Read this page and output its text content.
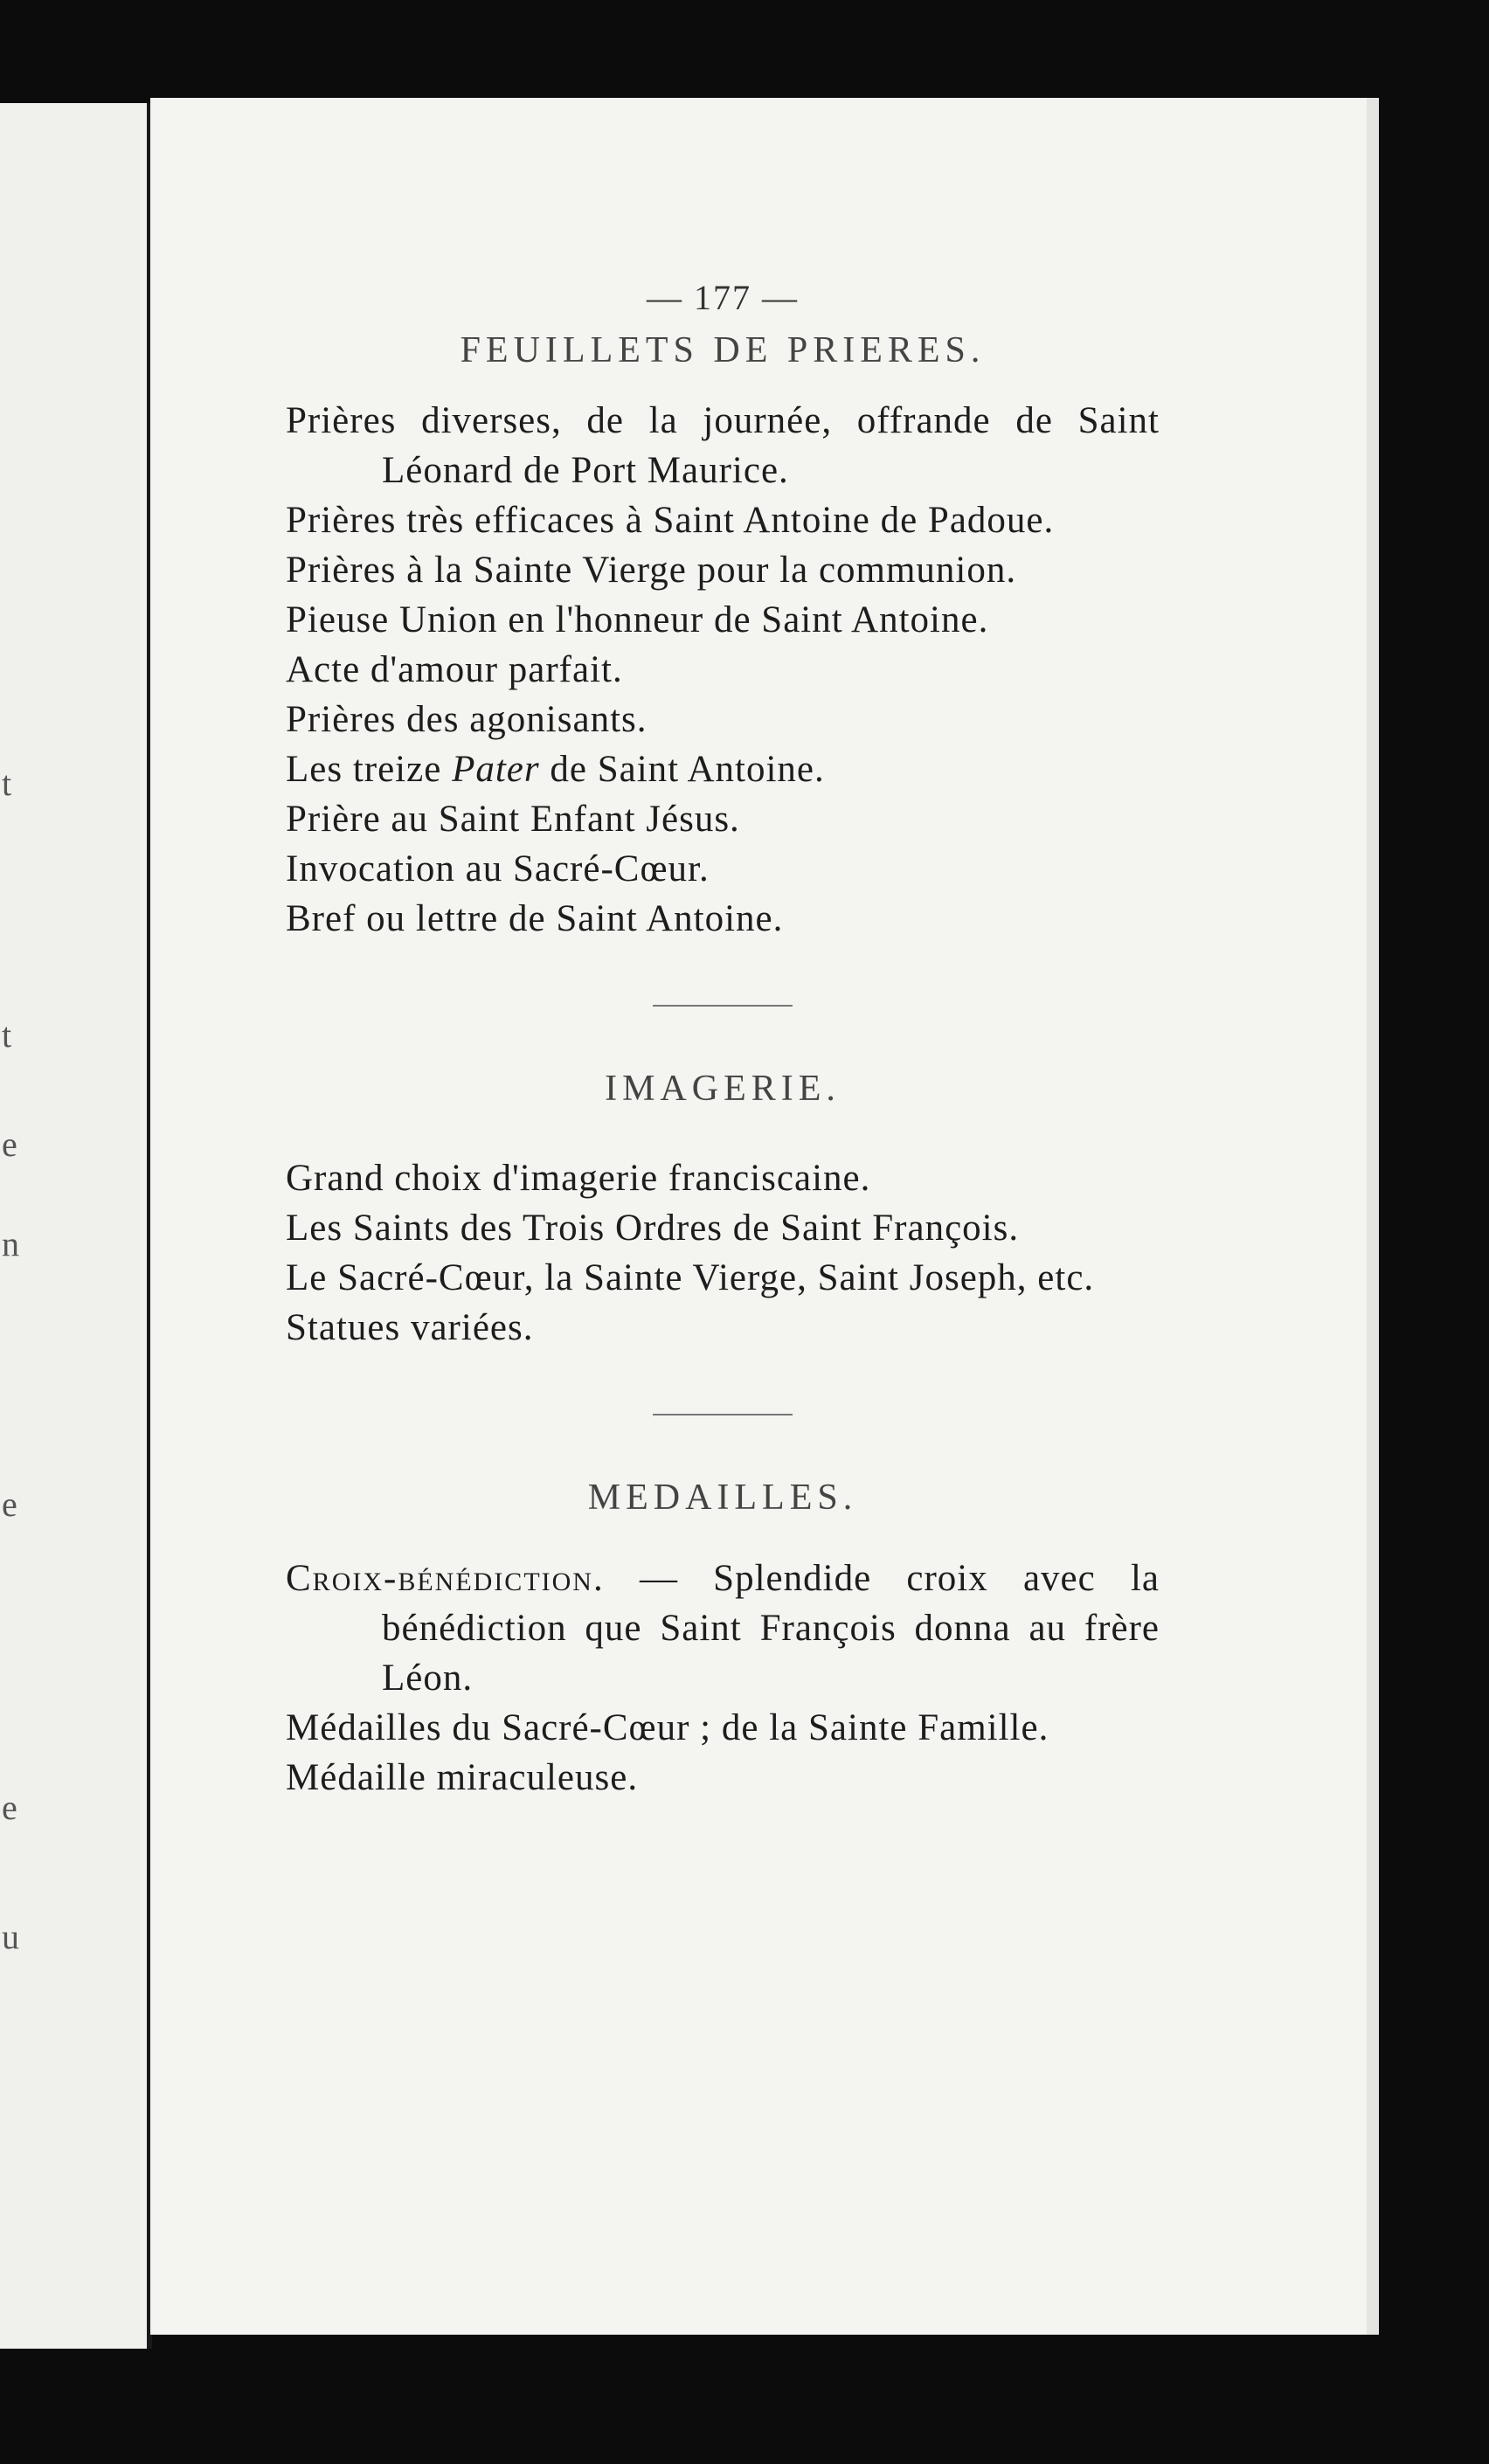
t
t
e
n
e
e
u
— 177 —
FEUILLETS DE PRIERES.
Prières diverses, de la journée, offrande de Saint Léonard de Port Maurice.
Prières très efficaces à Saint Antoine de Padoue.
Prières à la Sainte Vierge pour la communion.
Pieuse Union en l'honneur de Saint Antoine.
Acte d'amour parfait.
Prières des agonisants.
Les treize Pater de Saint Antoine.
Prière au Saint Enfant Jésus.
Invocation au Sacré-Cœur.
Bref ou lettre de Saint Antoine.
IMAGERIE.
Grand choix d'imagerie franciscaine.
Les Saints des Trois Ordres de Saint François.
Le Sacré-Cœur, la Sainte Vierge, Saint Joseph, etc.
Statues variées.
MEDAILLES.
Croix-bénédiction. — Splendide croix avec la bénédiction que Saint François donna au frère Léon.
Médailles du Sacré-Cœur ; de la Sainte Famille.
Médaille miraculeuse.
